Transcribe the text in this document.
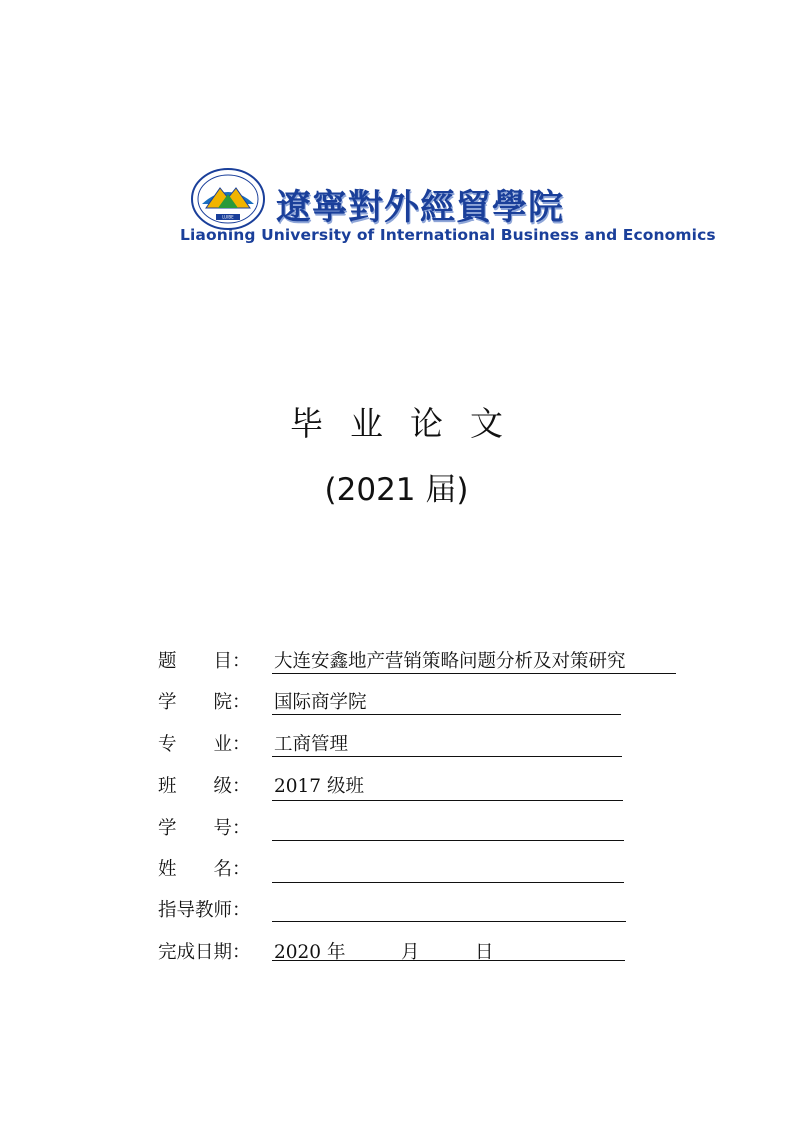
LUIBE 遼寧對外經貿學院
Liaoning University of International Business and Economics
毕业论文
(2021 届)
题　　目： 大连安鑫地产营销策略问题分析及对策研究
学　　院： 国际商学院
专　　业： 工商管理
班　　级： 2017 级班
学　　号：
姓　　名：
指导教师：
完成日期： 2020 年　　　月　　　日
